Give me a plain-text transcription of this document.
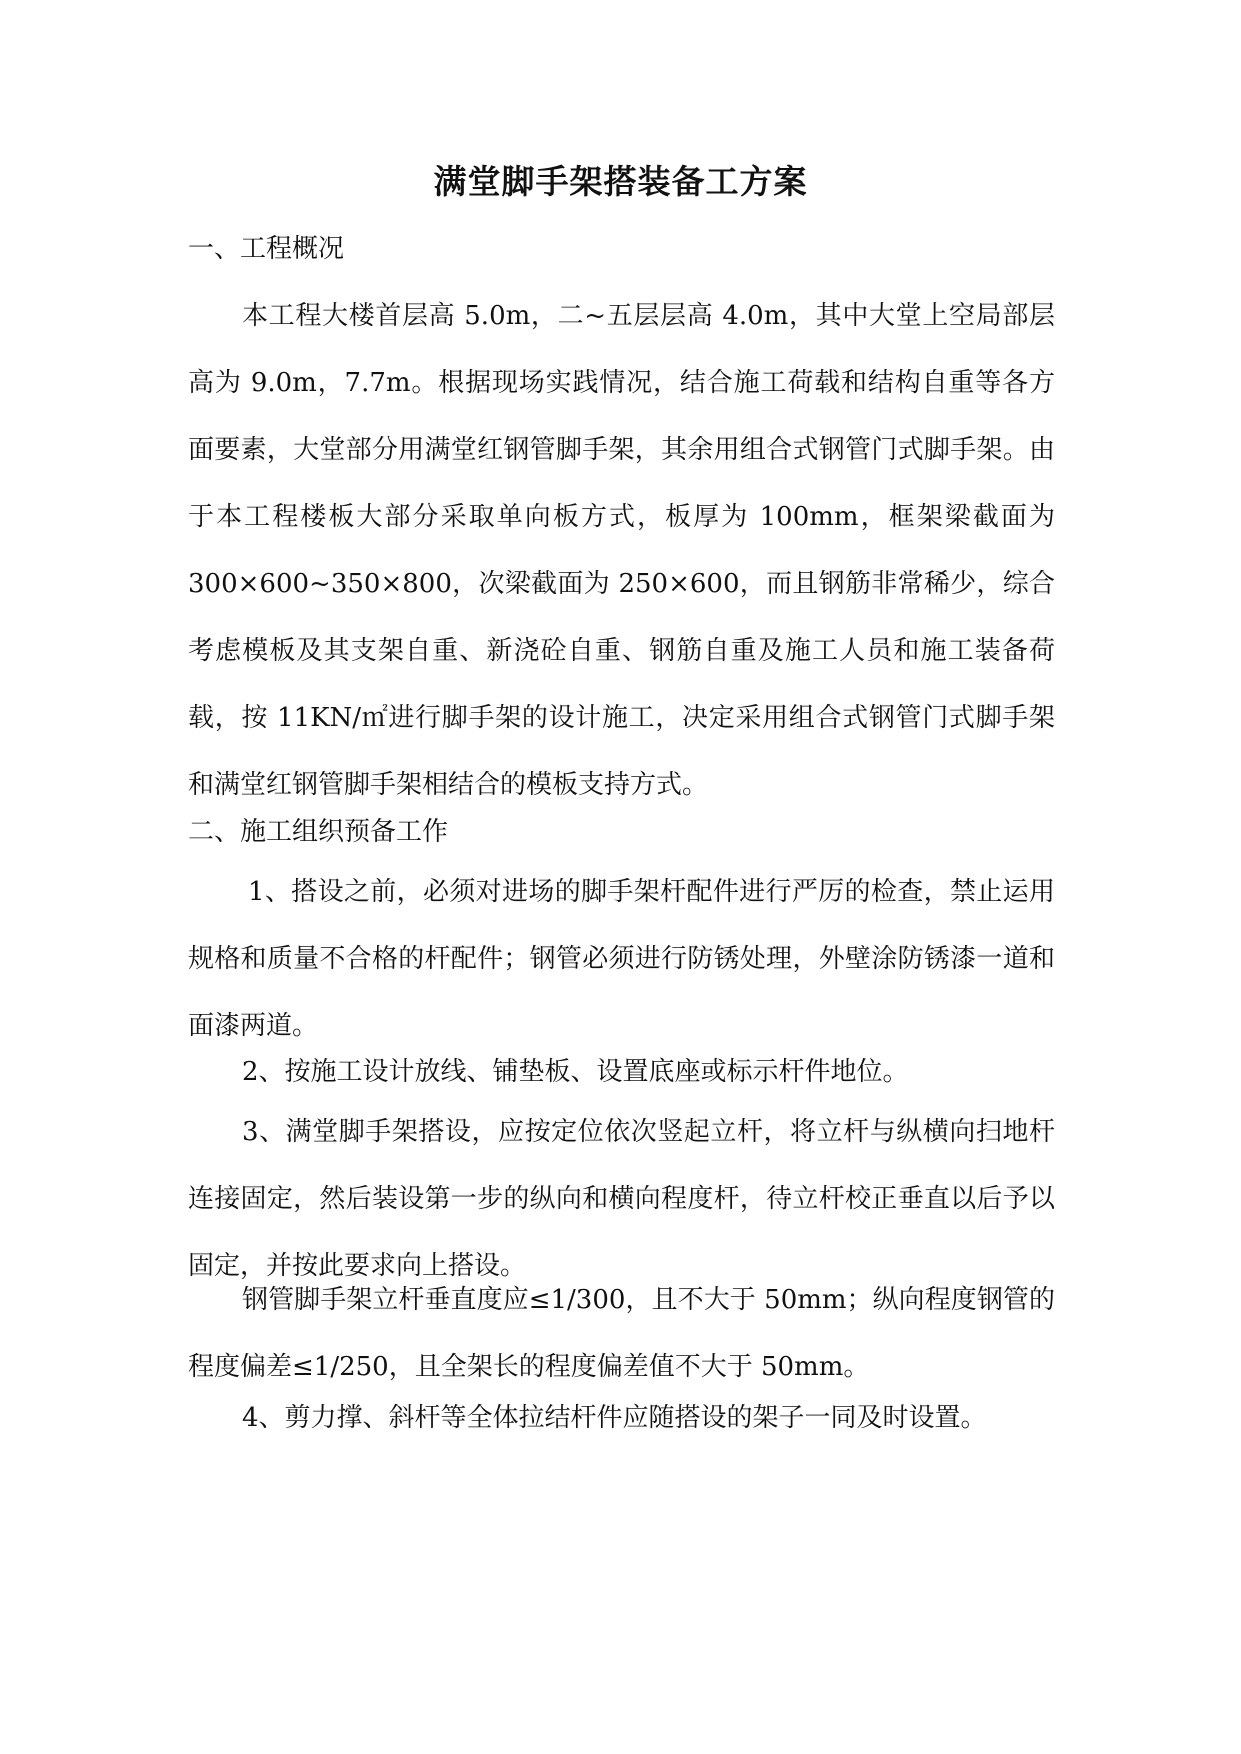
满堂脚手架搭装备工方案

一、工程概况

本工程大楼首层高 5.0m，二~五层层高 4.0m，其中大堂上空局部层高为 9.0m，7.7m。根据现场实践情况，结合施工荷载和结构自重等各方面要素，大堂部分用满堂红钢管脚手架，其余用组合式钢管门式脚手架。由于本工程楼板大部分采取单向板方式，板厚为 100mm，框架梁截面为 300×600~350×800，次梁截面为 250×600，而且钢筋非常稀少，综合考虑模板及其支架自重、新浇砼自重、钢筋自重及施工人员和施工装备荷载，按 11KN/㎡进行脚手架的设计施工，决定采用组合式钢管门式脚手架和满堂红钢管脚手架相结合的模板支持方式。

二、施工组织预备工作

1、搭设之前，必须对进场的脚手架杆配件进行严厉的检查，禁止运用规格和质量不合格的杆配件；钢管必须进行防锈处理，外壁涂防锈漆一道和面漆两道。

2、按施工设计放线、铺垫板、设置底座或标示杆件地位。

3、满堂脚手架搭设，应按定位依次竖起立杆，将立杆与纵横向扫地杆连接固定，然后装设第一步的纵向和横向程度杆，待立杆校正垂直以后予以固定，并按此要求向上搭设。

钢管脚手架立杆垂直度应≤1/300，且不大于 50mm；纵向程度钢管的程度偏差≤1/250，且全架长的程度偏差值不大于 50mm。

4、剪力撑、斜杆等全体拉结杆件应随搭设的架子一同及时设置。
